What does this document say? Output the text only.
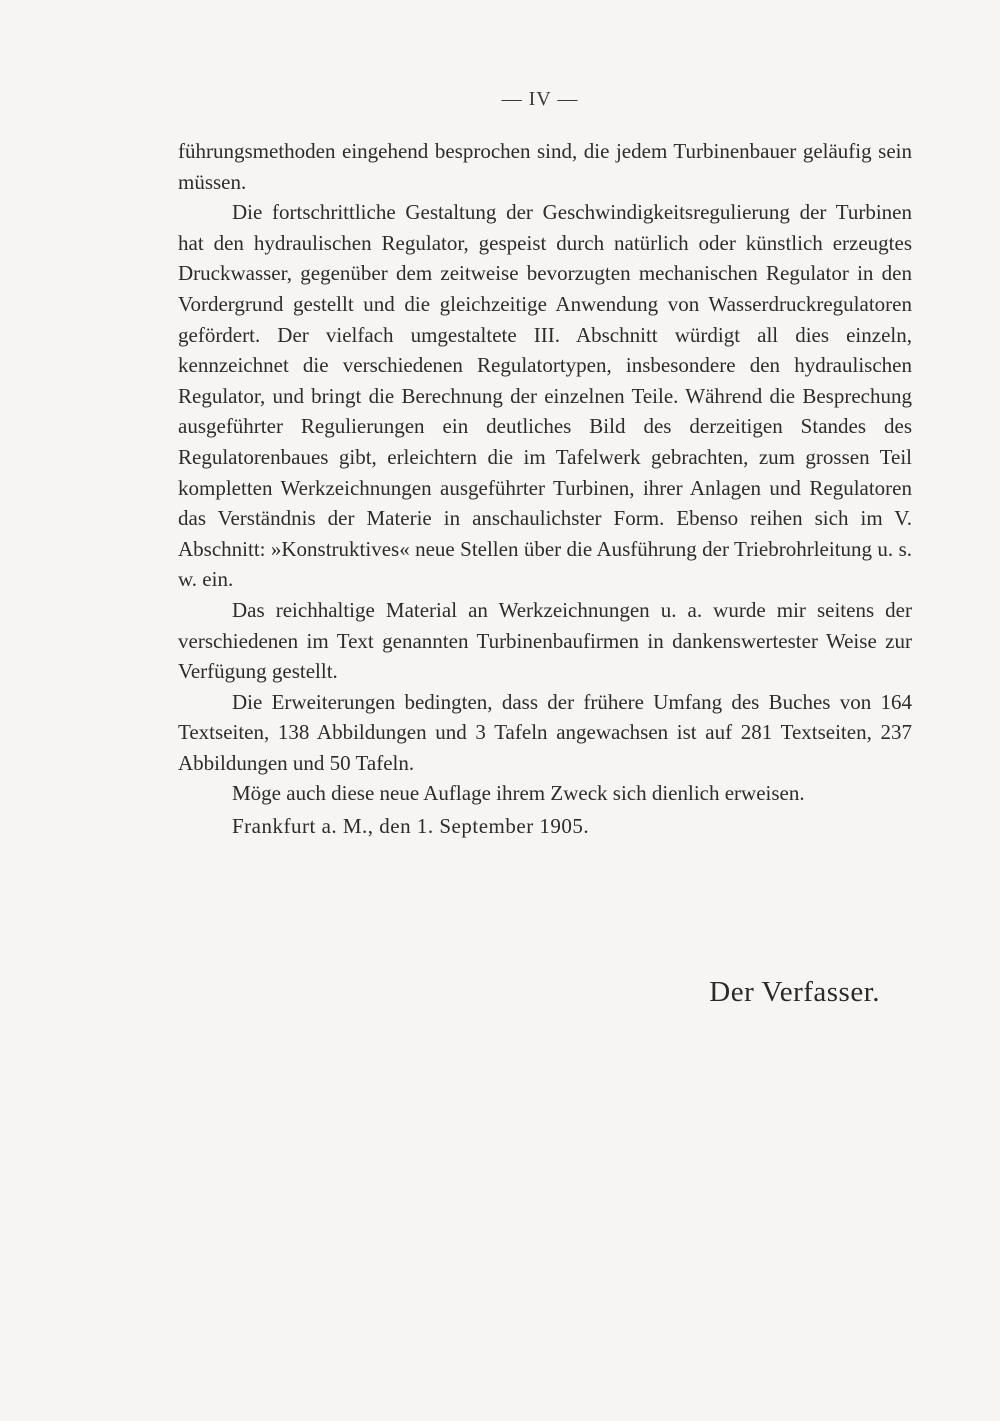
— IV —

führungsmethoden eingehend besprochen sind, die jedem Turbinenbauer geläufig sein müssen.

Die fortschrittliche Gestaltung der Geschwindigkeitsregulierung der Turbinen hat den hydraulischen Regulator, gespeist durch natürlich oder künstlich erzeugtes Druckwasser, gegenüber dem zeitweise bevorzugten mechanischen Regulator in den Vordergrund gestellt und die gleichzeitige Anwendung von Wasserdruckregulatoren gefördert. Der vielfach umgestaltete III. Abschnitt würdigt all dies einzeln, kennzeichnet die verschiedenen Regulatortypen, insbesondere den hydraulischen Regulator, und bringt die Berechnung der einzelnen Teile. Während die Besprechung ausgeführter Regulierungen ein deutliches Bild des derzeitigen Standes des Regulatorenbaues gibt, erleichtern die im Tafelwerk gebrachten, zum grossen Teil kompletten Werkzeichnungen ausgeführter Turbinen, ihrer Anlagen und Regulatoren das Verständnis der Materie in anschaulichster Form. Ebenso reihen sich im V. Abschnitt: »Konstruktives« neue Stellen über die Ausführung der Triebrohrleitung u. s. w. ein.

Das reichhaltige Material an Werkzeichnungen u. a. wurde mir seitens der verschiedenen im Text genannten Turbinenbaufirmen in dankenswertester Weise zur Verfügung gestellt.

Die Erweiterungen bedingten, dass der frühere Umfang des Buches von 164 Textseiten, 138 Abbildungen und 3 Tafeln angewachsen ist auf 281 Textseiten, 237 Abbildungen und 50 Tafeln.

Möge auch diese neue Auflage ihrem Zweck sich dienlich erweisen.

Frankfurt a. M., den 1. September 1905.

Der Verfasser.
